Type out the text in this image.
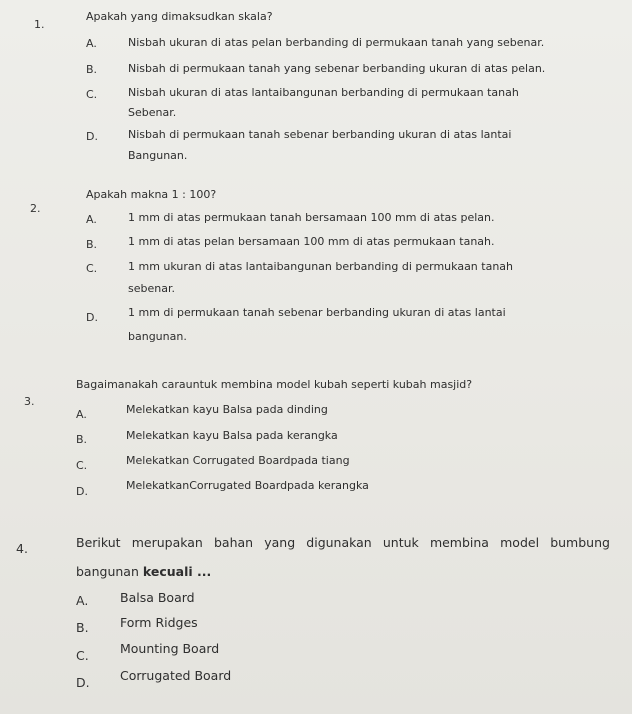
1.
Apakah yang dimaksudkan skala?
A.	Nisbah ukuran di atas pelan berbanding di permukaan tanah yang sebenar.
B.	Nisbah di permukaan tanah yang sebenar berbanding ukuran di atas pelan.
C.	Nisbah ukuran di atas lantaibangunan berbanding di permukaan tanah
Sebenar.
D.	Nisbah di permukaan tanah sebenar berbanding ukuran di atas lantai
Bangunan.
2.
Apakah makna 1 : 100?
A.	1 mm di atas permukaan tanah bersamaan 100 mm di atas pelan.
B.	1 mm di atas pelan bersamaan 100 mm di atas permukaan tanah.
C.	1 mm ukuran di atas lantaibangunan berbanding di permukaan tanah
sebenar.
D.	1 mm di permukaan tanah sebenar berbanding ukuran di atas lantai
bangunan.
3.
Bagaimanakah carauntuk membina model kubah seperti kubah masjid?
A.	Melekatkan kayu Balsa pada dinding
B.	Melekatkan kayu Balsa pada kerangka
C.	Melekatkan Corrugated Boardpada tiang
D.	MelekatkanCorrugated Boardpada kerangka
4.	Berikut merupakan bahan yang digunakan untuk membina model bumbung
bangunan kecuali ...
A.	Balsa Board
B.	Form Ridges
C.	Mounting Board
D. Corrugated Board
